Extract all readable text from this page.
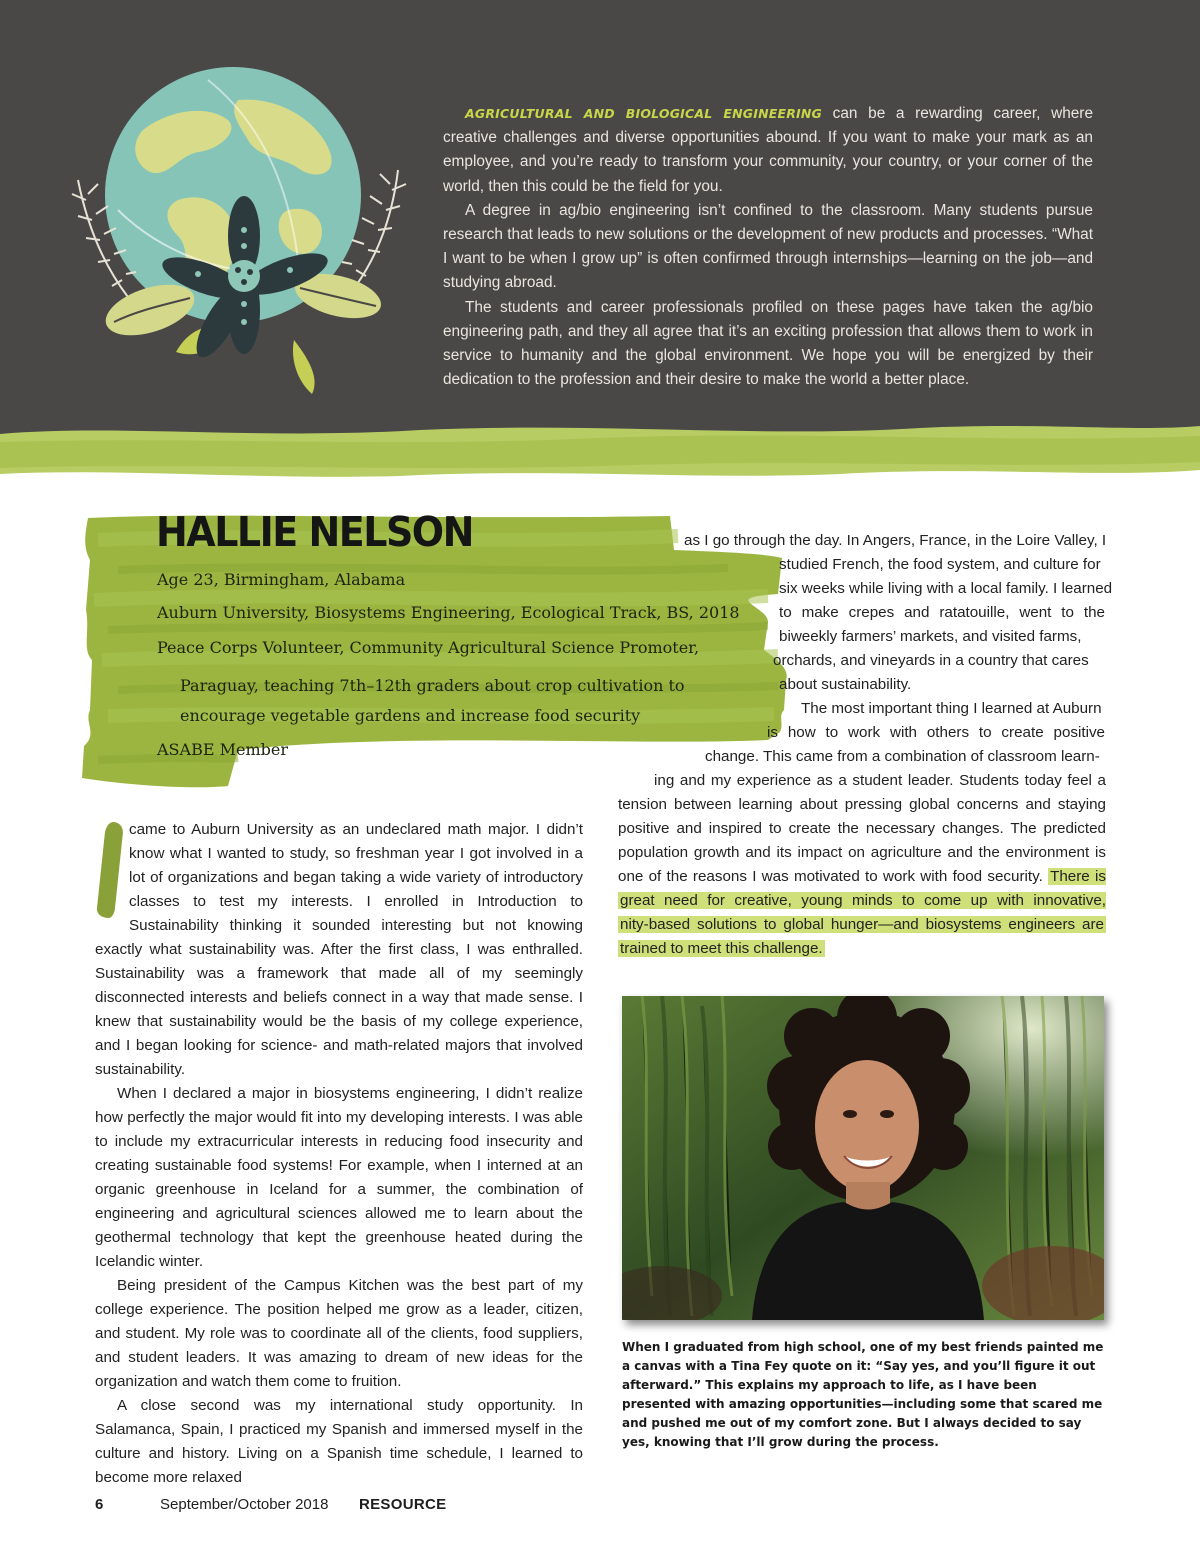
AGRICULTURAL AND BIOLOGICAL ENGINEERING can be a rewarding career, where creative challenges and diverse opportunities abound. If you want to make your mark as an employee, and you’re ready to transform your community, your country, or your corner of the world, then this could be the field for you.

A degree in ag/bio engineering isn’t confined to the classroom. Many students pursue research that leads to new solutions or the development of new products and processes. “What I want to be when I grow up” is often confirmed through internships—learning on the job—and studying abroad.

The students and career professionals profiled on these pages have taken the ag/bio engineering path, and they all agree that it’s an exciting profession that allows them to work in service to humanity and the global environment. We hope you will be energized by their dedication to the profession and their desire to make the world a better place.

HALLIE NELSON
Age 23, Birmingham, Alabama
Auburn University, Biosystems Engineering, Ecological Track, BS, 2018
Peace Corps Volunteer, Community Agricultural Science Promoter,
Paraguay, teaching 7th–12th graders about crop cultivation to
encourage vegetable gardens and increase food security
ASABE Member

came to Auburn University as an undeclared math major. I didn’t know what I wanted to study, so freshman year I got involved in a lot of organizations and began taking a wide variety of introductory classes to test my interests. I enrolled in Introduction to Sustainability thinking it sounded interesting but not knowing exactly what sustainability was. After the first class, I was enthralled. Sustainability was a framework that made all of my seemingly disconnected interests and beliefs connect in a way that made sense. I knew that sustainability would be the basis of my college experience, and I began looking for science- and math-related majors that involved sustainability.

When I declared a major in biosystems engineering, I didn’t realize how perfectly the major would fit into my developing interests. I was able to include my extracurricular interests in reducing food insecurity and creating sustainable food systems! For example, when I interned at an organic greenhouse in Iceland for a summer, the combination of engineering and agricultural sciences allowed me to learn about the geothermal technology that kept the greenhouse heated during the Icelandic winter.

Being president of the Campus Kitchen was the best part of my college experience. The position helped me grow as a leader, citizen, and student. My role was to coordinate all of the clients, food suppliers, and student leaders. It was amazing to dream of new ideas for the organization and watch them come to fruition.

A close second was my international study opportunity. In Salamanca, Spain, I practiced my Spanish and immersed myself in the culture and history. Living on a Spanish time schedule, I learned to become more relaxed

as I go through the day. In Angers, France, in the Loire Valley, I
studied French, the food system, and culture for
six weeks while living with a local family. I learned
to make crepes and ratatouille, went to the
biweekly farmers’ markets, and visited farms,
orchards, and vineyards in a country that cares
about sustainability.
The most important thing I learned at Auburn
is how to work with others to create positive
change. This came from a combination of classroom learn-
ing and my experience as a student leader. Students today feel a
tension between learning about pressing global concerns and staying
positive and inspired to create the necessary changes. The predicted
population growth and its impact on agriculture and the environment is
one of the reasons I was motivated to work with food security. There is
great need for creative, young minds to come up with innovative,
nity-based solutions to global hunger—and biosystems engineers are
trained to meet this challenge.
When I graduated from high school, one of my best friends painted me a canvas with a Tina Fey quote on it: “Say yes, and you’ll figure it out afterward.” This explains my approach to life, as I have been presented with amazing opportunities—including some that scared me and pushed me out of my comfort zone. But I always decided to say yes, knowing that I’ll grow during the process.
6	September/October 2018 RESOURCE
